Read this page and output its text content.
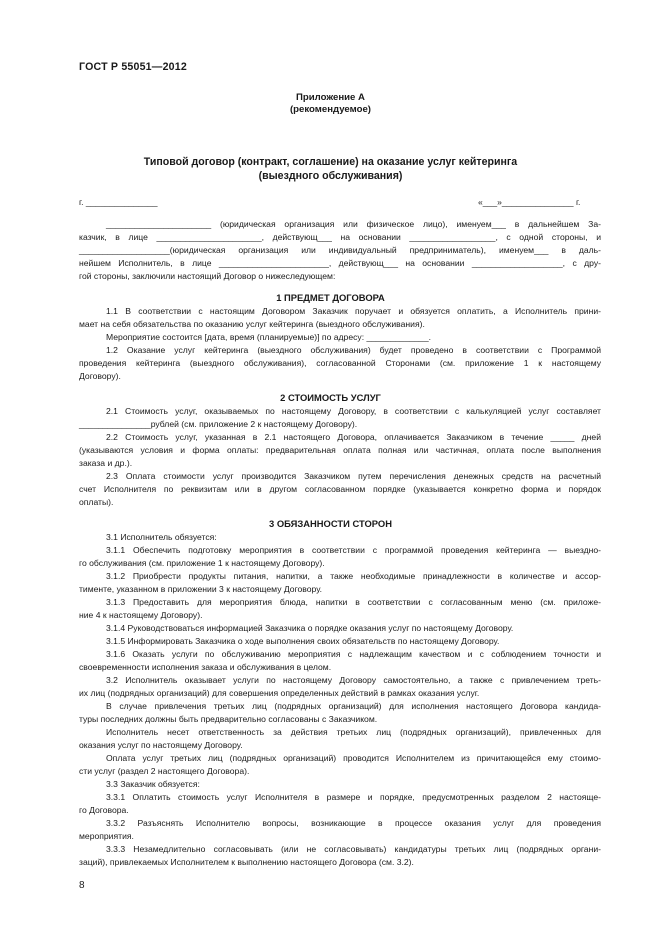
ГОСТ Р 55051—2012
Приложение А
(рекомендуемое)
Типовой договор (контракт, соглашение) на оказание услуг кейтеринга
(выездного обслуживания)
г. _______________	«___»_______________ г.
______________________ (юридическая организация или физическое лицо), именуем___ в дальнейшем За-
казчик, в лице ______________________, действующ___ на основании __________________, с одной стороны, и
___________________(юридическая организация или индивидуальный предприниматель), именуем___ в даль-
нейшем Исполнитель, в лице _______________________, действующ___ на основании ___________________, с дру-
гой стороны, заключили настоящий Договор о нижеследующем:
1 ПРЕДМЕТ ДОГОВОРА
1.1 В соответствии с настоящим Договором Заказчик поручает и обязуется оплатить, а Исполнитель прини-
мает на себя обязательства по оказанию услуг кейтеринга (выездного обслуживания).
Мероприятие состоится [дата, время (планируемые)] по адресу: _____________.
1.2 Оказание услуг кейтеринга (выездного обслуживания) будет проведено в соответствии с Программой
проведения кейтеринга (выездного обслуживания), согласованной Сторонами (см. приложение 1 к настоящему
Договору).
2 СТОИМОСТЬ УСЛУГ
2.1 Стоимость услуг, оказываемых по настоящему Договору, в соответствии с калькуляцией услуг составляет
_______________рублей (см. приложение 2 к настоящему Договору).
2.2 Стоимость услуг, указанная в 2.1 настоящего Договора, оплачивается Заказчиком в течение _____ дней
(указываются условия и форма оплаты: предварительная оплата полная или частичная, оплата после выполнения
заказа и др.).
2.3 Оплата стоимости услуг производится Заказчиком путем перечисления денежных средств на расчетный
счет Исполнителя по реквизитам или в другом согласованном порядке (указывается конкретно форма и порядок
оплаты).
3 ОБЯЗАННОСТИ СТОРОН
3.1 Исполнитель обязуется:
3.1.1 Обеспечить подготовку мероприятия в соответствии с программой проведения кейтеринга — выездно-
го обслуживания (см. приложение 1 к настоящему Договору).
3.1.2 Приобрести продукты питания, напитки, а также необходимые принадлежности в количестве и ассор-
тименте, указанном в приложении 3 к настоящему Договору.
3.1.3 Предоставить для мероприятия блюда, напитки в соответствии с согласованным меню (см. приложе-
ние 4 к настоящему Договору).
3.1.4 Руководствоваться информацией Заказчика о порядке оказания услуг по настоящему Договору.
3.1.5 Информировать Заказчика о ходе выполнения своих обязательств по настоящему Договору.
3.1.6 Оказать услуги по обслуживанию мероприятия с надлежащим качеством и с соблюдением точности и
своевременности исполнения заказа и обслуживания в целом.
3.2 Исполнитель оказывает услуги по настоящему Договору самостоятельно, а также с привлечением треть-
их лиц (подрядных организаций) для совершения определенных действий в рамках оказания услуг.
В случае привлечения третьих лиц (подрядных организаций) для исполнения настоящего Договора кандида-
туры последних должны быть предварительно согласованы с Заказчиком.
Исполнитель несет ответственность за действия третьих лиц (подрядных организаций), привлеченных для
оказания услуг по настоящему Договору.
Оплата услуг третьих лиц (подрядных организаций) проводится Исполнителем из причитающейся ему стоимо-
сти услуг (раздел 2 настоящего Договора).
3.3 Заказчик обязуется:
3.3.1 Оплатить стоимость услуг Исполнителя в размере и порядке, предусмотренных разделом 2 настояще-
го Договора.
3.3.2 Разъяснять Исполнителю вопросы, возникающие в процессе оказания услуг для проведения
мероприятия.
3.3.3 Незамедлительно согласовывать (или не согласовывать) кандидатуры третьих лиц (подрядных органи-
заций), привлекаемых Исполнителем к выполнению настоящего Договора (см. 3.2).
8
